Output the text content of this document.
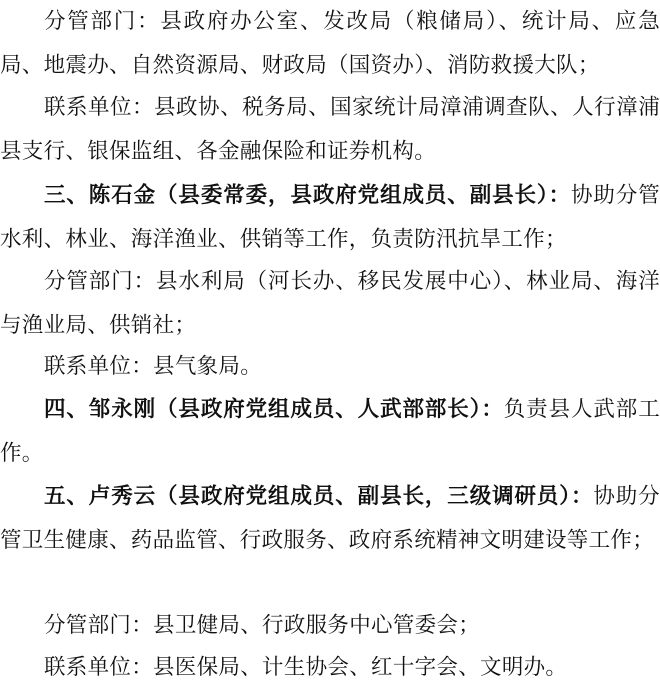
分管部门：县政府办公室、发改局（粮储局）、统计局、应急局、地震办、自然资源局、财政局（国资办）、消防救援大队；

联系单位：县政协、税务局、国家统计局漳浦调查队、人行漳浦县支行、银保监组、各金融保险和证券机构。

三、陈石金（县委常委，县政府党组成员、副县长）：协助分管水利、林业、海洋渔业、供销等工作，负责防汛抗旱工作；

分管部门：县水利局（河长办、移民发展中心）、林业局、海洋与渔业局、供销社；

联系单位：县气象局。

四、邹永刚（县政府党组成员、人武部部长）：负责县人武部工作。

五、卢秀云（县政府党组成员、副县长，三级调研员）：协助分管卫生健康、药品监管、行政服务、政府系统精神文明建设等工作；

分管部门：县卫健局、行政服务中心管委会；

联系单位：县医保局、计生协会、红十字会、文明办。
